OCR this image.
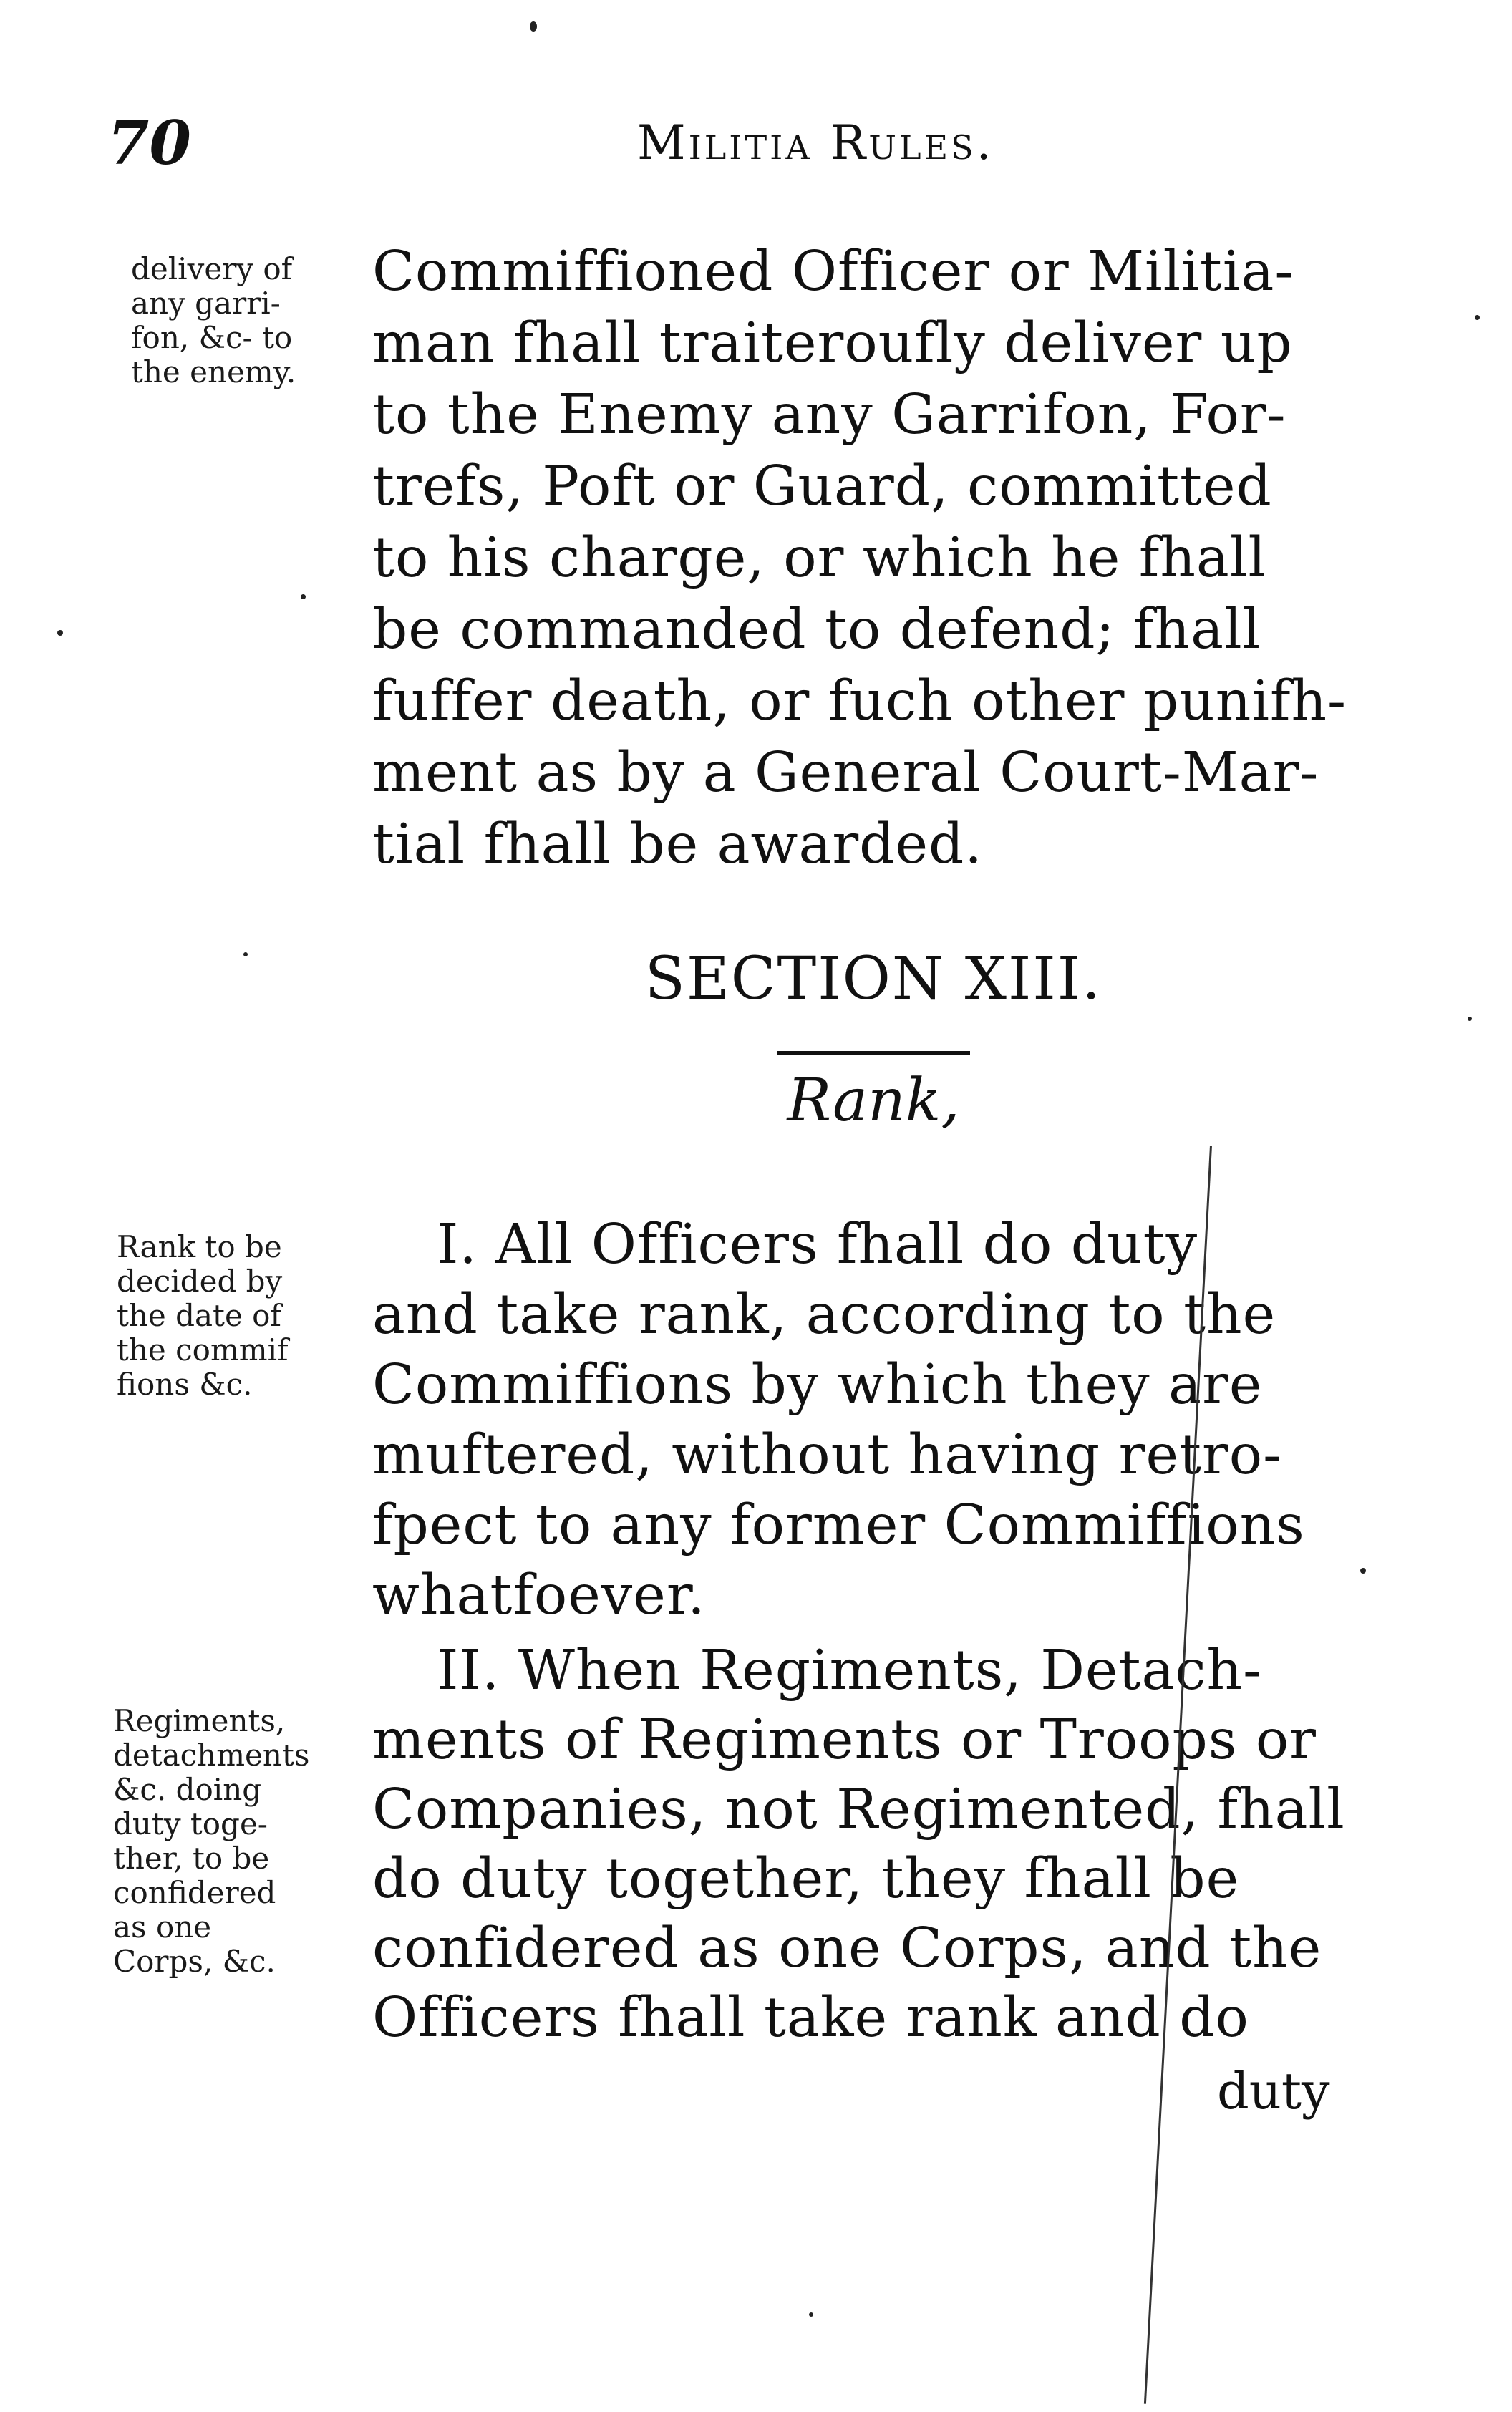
70	Militia Rules.
delivery of
any garri-
fon, &c- to
the enemy.
Commiffioned Officer or Militia-
man fhall traiteroufly deliver up
to the Enemy any Garrifon, For-
trefs, Poft or Guard, committed
to his charge, or which he fhall
be commanded to defend; fhall
fuffer death, or fuch other punifh-
ment as by a General Court-Mar-
tial fhall be awarded.
SECTION XIII.
Rank,
Rank to be
decided by
the date of
the commif
fions &c.
I. All Officers fhall do duty
and take rank, according to the
Commiffions by which they are
muftered, without having retro-
fpect to any former Commiffions
whatfoever.
Regiments,
detachments
&c. doing
duty toge-
ther, to be
confidered
as one
Corps, &c.
II. When Regiments, Detach-
ments of Regiments or Troops or
Companies, not Regimented, fhall
do duty together, they fhall be
confidered as one Corps, and the
Officers fhall take rank and do
duty
